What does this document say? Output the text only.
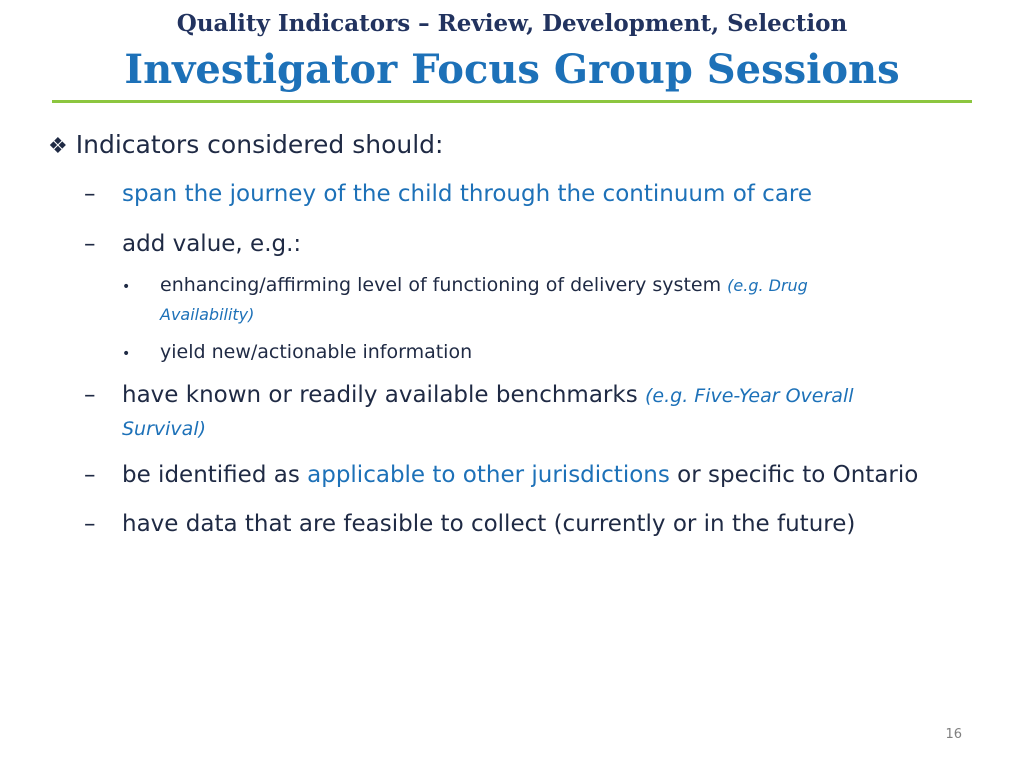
Quality Indicators – Review, Development, Selection
Investigator Focus Group Sessions
❖ Indicators considered should:
– span the journey of the child through the continuum of care
– add value, e.g.:
• enhancing/affirming level of functioning of delivery system (e.g. Drug
Availability)
• yield new/actionable information
– have known or readily available benchmarks (e.g. Five-Year Overall
Survival)
– be identified as applicable to other jurisdictions or specific to Ontario
– have data that are feasible to collect (currently or in the future)
16
